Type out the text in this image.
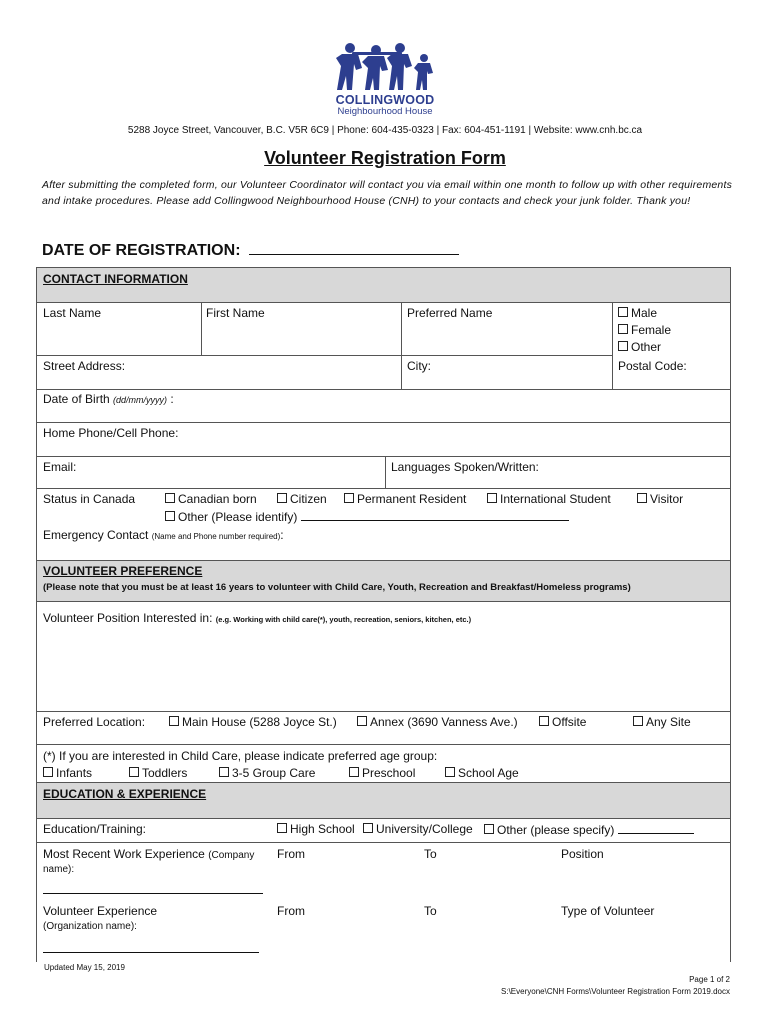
COLLINGWOOD
Neighbourhood House
5288 Joyce Street, Vancouver, B.C. V5R 6C9 | Phone: 604-435-0323 | Fax: 604-451-1191 | Website: www.cnh.bc.ca
Volunteer Registration Form
After submitting the completed form, our Volunteer Coordinator will contact you via email within one month to follow up with other requirements and intake procedures. Please add Collingwood Neighbourhood House (CNH) to your contacts and check your junk folder. Thank you!
DATE OF REGISTRATION:
CONTACT INFORMATION
Last Name	First Name	Preferred Name	Male
Female
Other
Street Address:	City:	Postal Code:
Date of Birth (dd/mm/yyyy) :
Home Phone/Cell Phone:
Email:	Languages Spoken/Written:
Status in Canada	Canadian born	Citizen	Permanent Resident	International Student	Visitor
Other (Please identify)
Emergency Contact (Name and Phone number required):
VOLUNTEER PREFERENCE
(Please note that you must be at least 16 years to volunteer with Child Care, Youth, Recreation and Breakfast/Homeless programs)
Volunteer Position Interested in: (e.g. Working with child care(*), youth, recreation, seniors, kitchen, etc.)
Preferred Location:	Main House (5288 Joyce St.)	Annex (3690 Vanness Ave.)	Offsite	Any Site
(*) If you are interested in Child Care, please indicate preferred age group:
Infants	Toddlers	3-5 Group Care	Preschool	School Age
EDUCATION & EXPERIENCE
Education/Training:	High School	University/College	Other (please specify)
Most Recent Work Experience (Company
name):
From	To	Position
Volunteer Experience
(Organization name):
From	To	Type of Volunteer
Updated May 15, 2019
Page 1 of 2
S:\Everyone\CNH Forms\Volunteer Registration Form 2019.docx
